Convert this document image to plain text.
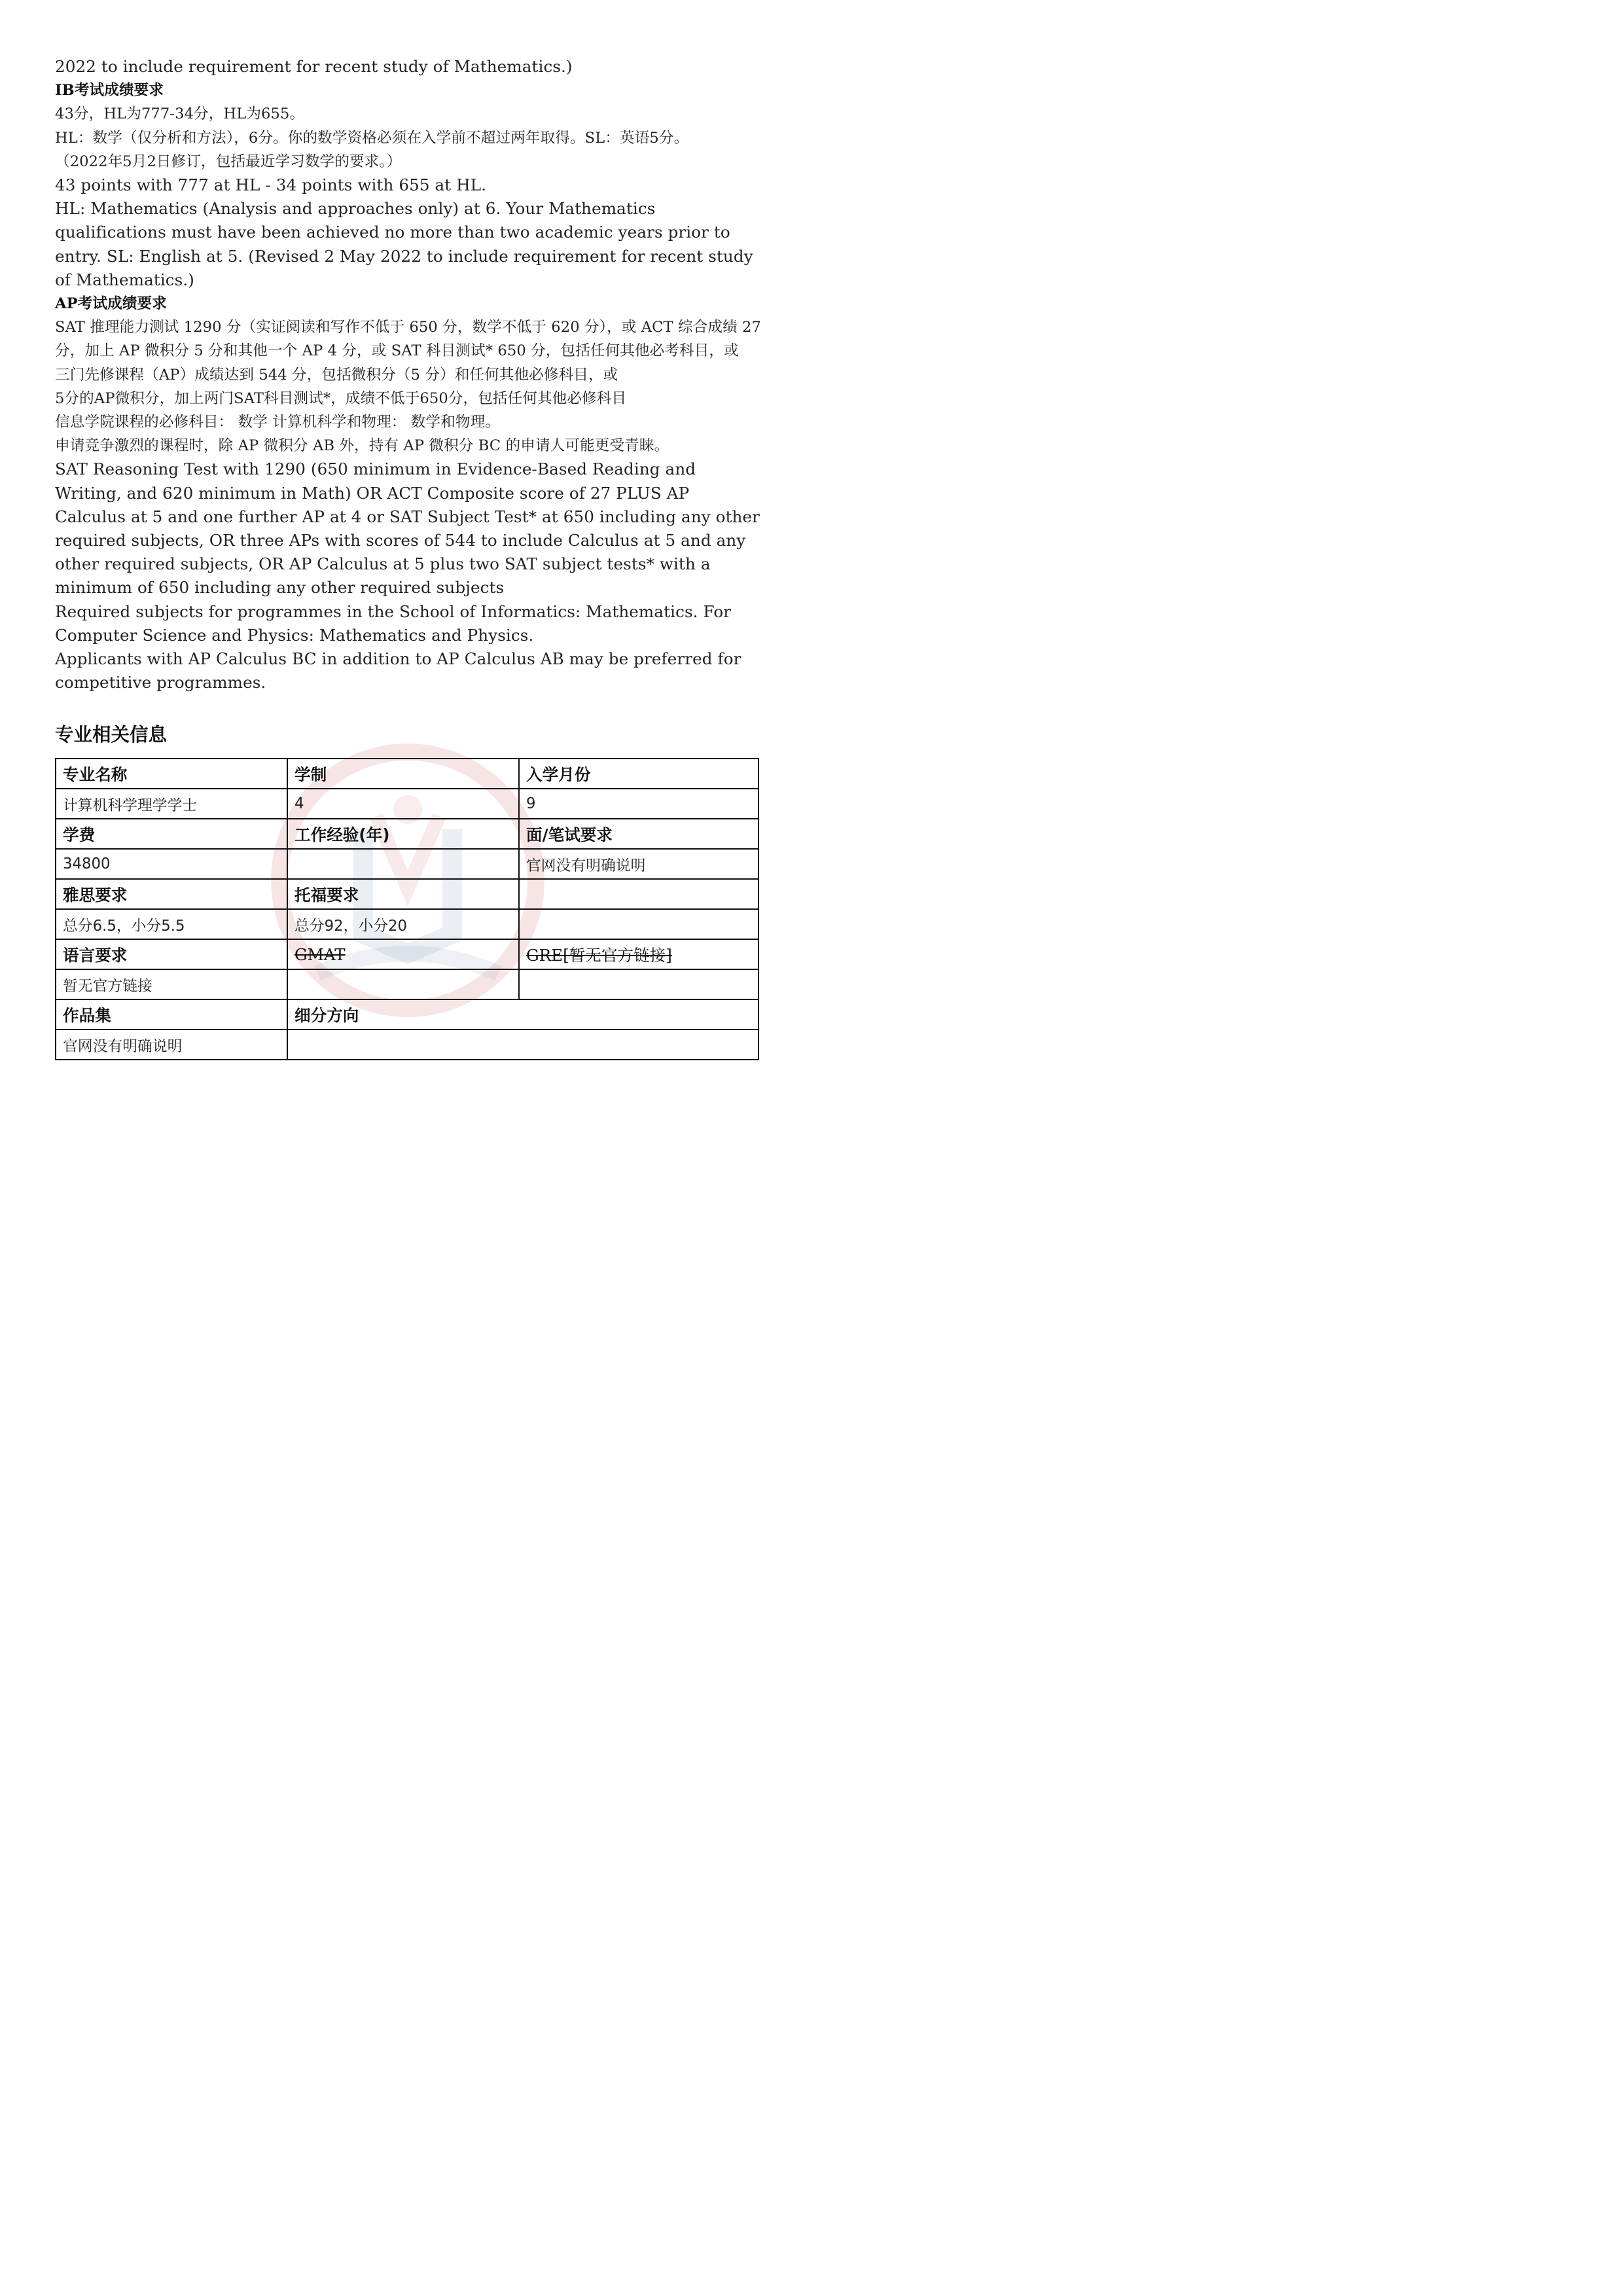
2022 to include requirement for recent study of Mathematics.)

IB考试成绩要求

43分，HL为777-34分，HL为655。

HL：数学（仅分析和方法），6分。你的数学资格必须在入学前不超过两年取得。SL：英语5分。

（2022年5月2日修订，包括最近学习数学的要求。）

43 points with 777 at HL - 34 points with 655 at HL.

HL: Mathematics (Analysis and approaches only) at 6. Your Mathematics qualifications must have been achieved no more than two academic years prior to entry. SL: English at 5. (Revised 2 May 2022 to include requirement for recent study of Mathematics.)

AP考试成绩要求

SAT 推理能力测试 1290 分（实证阅读和写作不低于 650 分，数学不低于 620 分），或 ACT 综合成绩 27 分，加上 AP 微积分 5 分和其他一个 AP 4 分，或 SAT 科目测试* 650 分，包括任何其他必考科目，或

三门先修课程（AP）成绩达到 544 分，包括微积分（5 分）和任何其他必修科目，或

5分的AP微积分，加上两门SAT科目测试*，成绩不低于650分，包括任何其他必修科目

信息学院课程的必修科目： 数学 计算机科学和物理： 数学和物理。

申请竞争激烈的课程时，除 AP 微积分 AB 外，持有 AP 微积分 BC 的申请人可能更受青睐。

SAT Reasoning Test with 1290 (650 minimum in Evidence-Based Reading and Writing, and 620 minimum in Math) OR ACT Composite score of 27 PLUS AP Calculus at 5 and one further AP at 4 or SAT Subject Test* at 650 including any other required subjects, OR three APs with scores of 544 to include Calculus at 5 and any other required subjects, OR AP Calculus at 5 plus two SAT subject tests* with a minimum of 650 including any other required subjects

Required subjects for programmes in the School of Informatics: Mathematics. For Computer Science and Physics: Mathematics and Physics.

Applicants with AP Calculus BC in addition to AP Calculus AB may be preferred for competitive programmes.

专业相关信息
专业名称	学制	入学月份
计算机科学理学学士	4	9
学费	工作经验(年)	面/笔试要求
34800		官网没有明确说明
雅思要求	托福要求	
总分6.5，小分5.5	总分92，小分20	
语言要求	GMAT	GRE[暂无官方链接]
暂无官方链接		
作品集	细分方向	
官网没有明确说明		
